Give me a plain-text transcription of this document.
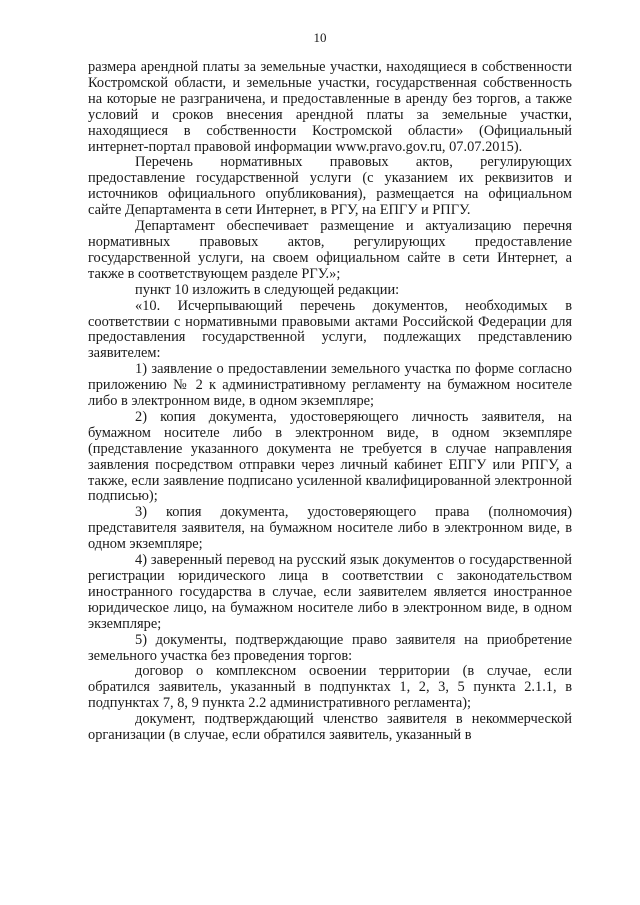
10

размера арендной платы за земельные участки, находящиеся в собственности Костромской области, и земельные участки, государственная собственность на которые не разграничена, и предоставленные в аренду без торгов, а также условий и сроков внесения арендной платы за земельные участки, находящиеся в собственности Костромской области» (Официальный интернет-портал правовой информации www.pravo.gov.ru, 07.07.2015).

Перечень нормативных правовых актов, регулирующих предоставление государственной услуги (с указанием их реквизитов и источников официального опубликования), размещается на официальном сайте Департамента в сети Интернет, в РГУ, на ЕПГУ и РПГУ.

Департамент обеспечивает размещение и актуализацию перечня нормативных правовых актов, регулирующих предоставление государственной услуги, на своем официальном сайте в сети Интернет, а также в соответствующем разделе РГУ.»;

пункт 10 изложить в следующей редакции:

«10. Исчерпывающий перечень документов, необходимых в соответствии с нормативными правовыми актами Российской Федерации для предоставления государственной услуги, подлежащих представлению заявителем:

1) заявление о предоставлении земельного участка по форме согласно приложению № 2 к административному регламенту на бумажном носителе либо в электронном виде, в одном экземпляре;

2) копия документа, удостоверяющего личность заявителя, на бумажном носителе либо в электронном виде, в одном экземпляре (представление указанного документа не требуется в случае направления заявления посредством отправки через личный кабинет ЕПГУ или РПГУ, а также, если заявление подписано усиленной квалифицированной электронной подписью);

3) копия документа, удостоверяющего права (полномочия) представителя заявителя, на бумажном носителе либо в электронном виде, в одном экземпляре;

4) заверенный перевод на русский язык документов о государственной регистрации юридического лица в соответствии с законодательством иностранного государства в случае, если заявителем является иностранное юридическое лицо, на бумажном носителе либо в электронном виде, в одном экземпляре;

5) документы, подтверждающие право заявителя на приобретение земельного участка без проведения торгов:

договор о комплексном освоении территории (в случае, если обратился заявитель, указанный в подпунктах 1, 2, 3, 5 пункта 2.1.1, в подпунктах 7, 8, 9 пункта 2.2 административного регламента);

документ, подтверждающий членство заявителя в некоммерческой организации (в случае, если обратился заявитель, указанный в
